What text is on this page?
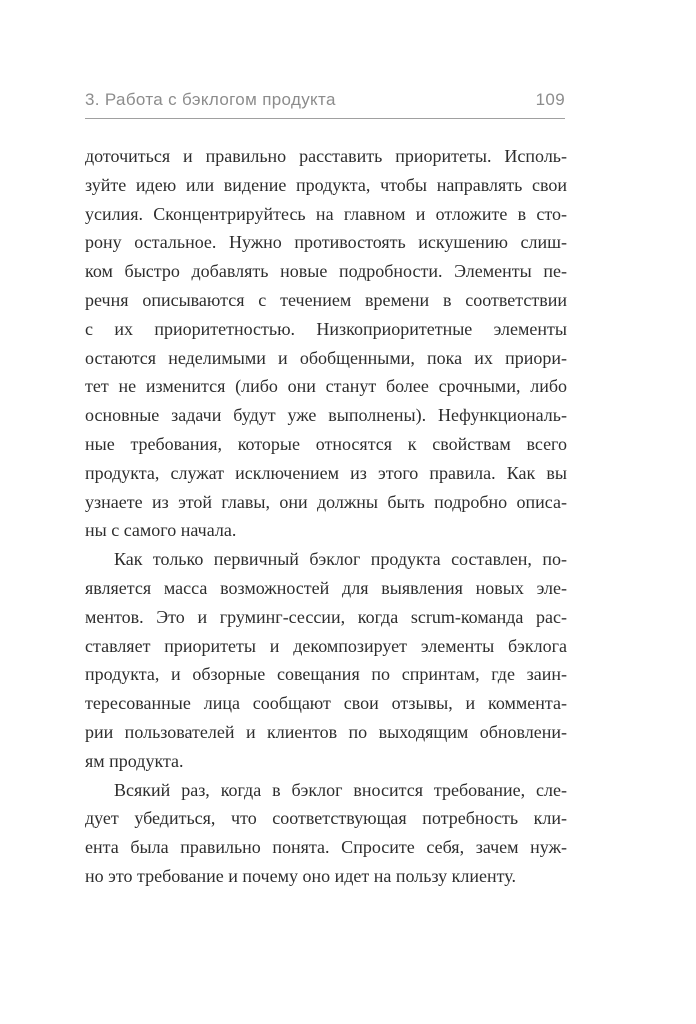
3. Работа с бэклогом продукта	109
доточиться и правильно расставить приоритеты. Исполь-
зуйте идею или видение продукта, чтобы направлять свои
усилия. Сконцентрируйтесь на главном и отложите в сто-
рону остальное. Нужно противостоять искушению слиш-
ком быстро добавлять новые подробности. Элементы пе-
речня описываются с течением времени в соответствии
с их приоритетностью. Низкоприоритетные элементы
остаются неделимыми и обобщенными, пока их приори-
тет не изменится (либо они станут более срочными, либо
основные задачи будут уже выполнены). Нефункциональ-
ные требования, которые относятся к свойствам всего
продукта, служат исключением из этого правила. Как вы
узнаете из этой главы, они должны быть подробно описа-
ны с самого начала.
Как только первичный бэклог продукта составлен, по-
является масса возможностей для выявления новых эле-
ментов. Это и груминг-сессии, когда scrum-команда рас-
ставляет приоритеты и декомпозирует элементы бэклога
продукта, и обзорные совещания по спринтам, где заин-
тересованные лица сообщают свои отзывы, и коммента-
рии пользователей и клиентов по выходящим обновлени-
ям продукта.
Всякий раз, когда в бэклог вносится требование, сле-
дует убедиться, что соответствующая потребность кли-
ента была правильно понята. Спросите себя, зачем нуж-
но это требование и почему оно идет на пользу клиенту.
